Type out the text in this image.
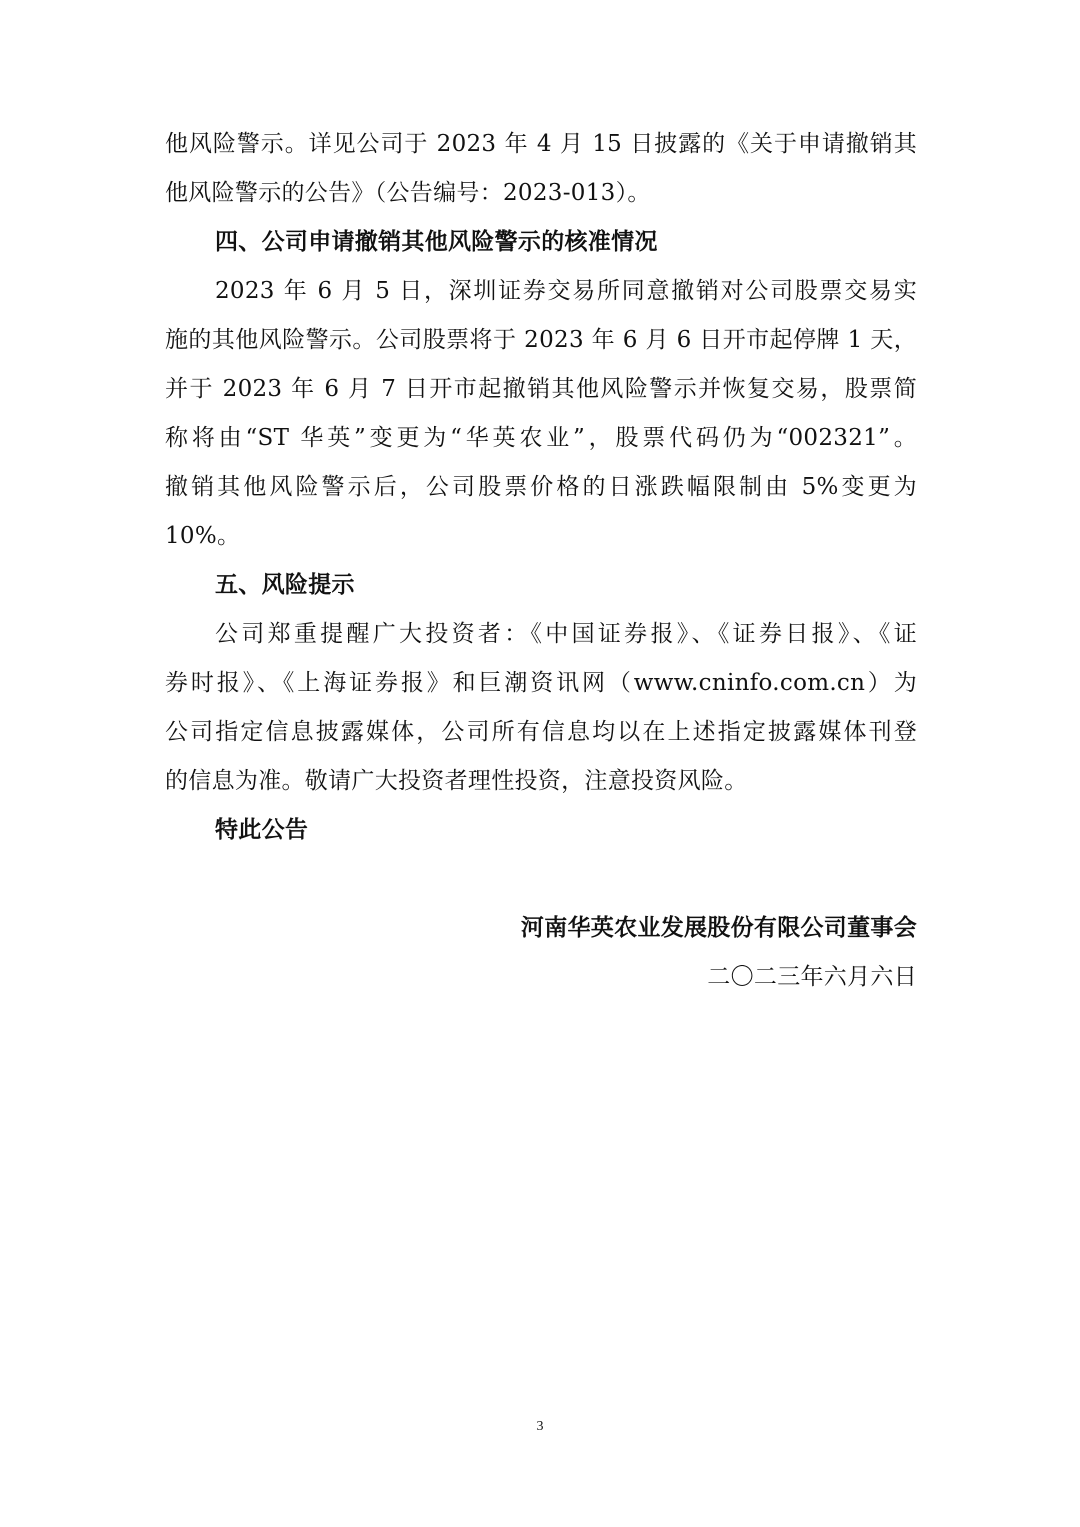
他风险警示。详见公司于 2023 年 4 月 15 日披露的《关于申请撤销其
他风险警示的公告》（公告编号：2023-013）。
四、公司申请撤销其他风险警示的核准情况
2023 年 6 月 5 日，深圳证券交易所同意撤销对公司股票交易实
施的其他风险警示。公司股票将于 2023 年 6 月 6 日开市起停牌 1 天，
并于 2023 年 6 月 7 日开市起撤销其他风险警示并恢复交易，股票简
称将由“ST 华英”变更为“华英农业”，股票代码仍为“002321”。
撤销其他风险警示后，公司股票价格的日涨跌幅限制由 5%变更为
10%。
五、风险提示
公司郑重提醒广大投资者：《中国证券报》、《证券日报》、《证
券时报》、《上海证券报》和巨潮资讯网（www.cninfo.com.cn）为
公司指定信息披露媒体，公司所有信息均以在上述指定披露媒体刊登
的信息为准。敬请广大投资者理性投资，注意投资风险。
特此公告
河南华英农业发展股份有限公司董事会
二〇二三年六月六日
3
